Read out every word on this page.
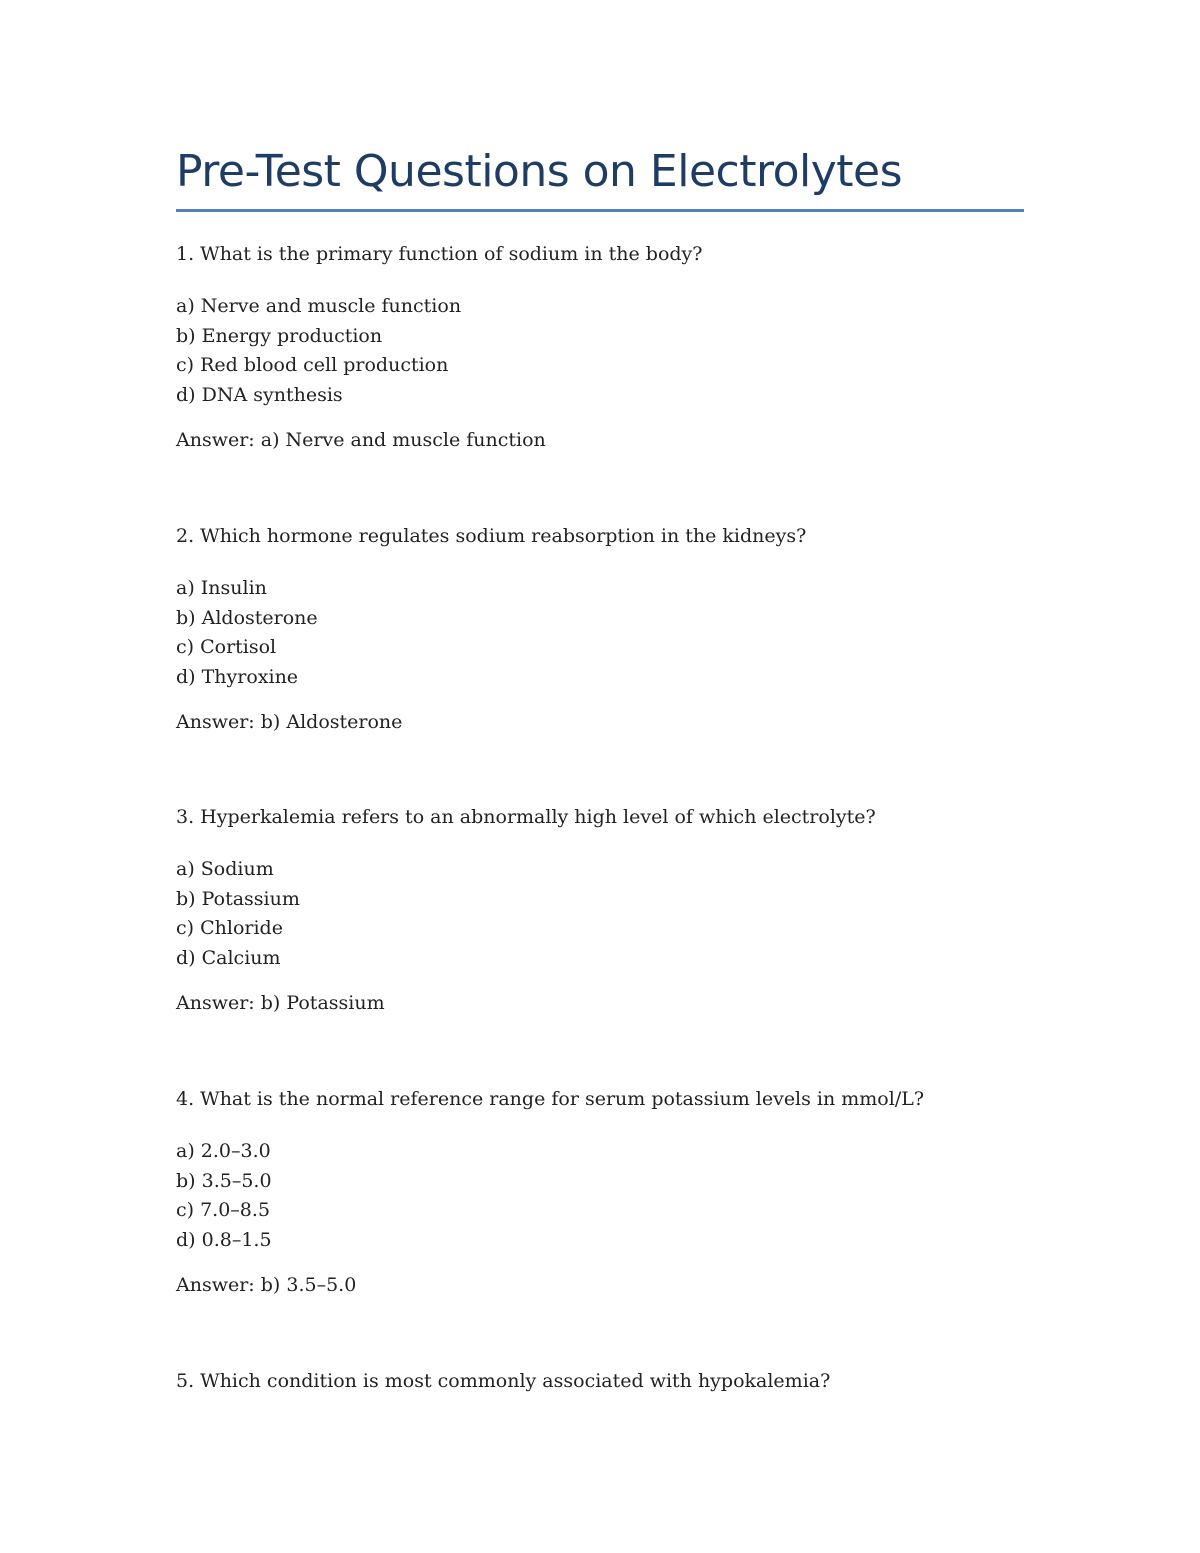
Pre-Test Questions on Electrolytes
1. What is the primary function of sodium in the body?
a) Nerve and muscle function
b) Energy production
c) Red blood cell production
d) DNA synthesis
Answer: a) Nerve and muscle function
2. Which hormone regulates sodium reabsorption in the kidneys?
a) Insulin
b) Aldosterone
c) Cortisol
d) Thyroxine
Answer: b) Aldosterone
3. Hyperkalemia refers to an abnormally high level of which electrolyte?
a) Sodium
b) Potassium
c) Chloride
d) Calcium
Answer: b) Potassium
4. What is the normal reference range for serum potassium levels in mmol/L?
a) 2.0–3.0
b) 3.5–5.0
c) 7.0–8.5
d) 0.8–1.5
Answer: b) 3.5–5.0
5. Which condition is most commonly associated with hypokalemia?
